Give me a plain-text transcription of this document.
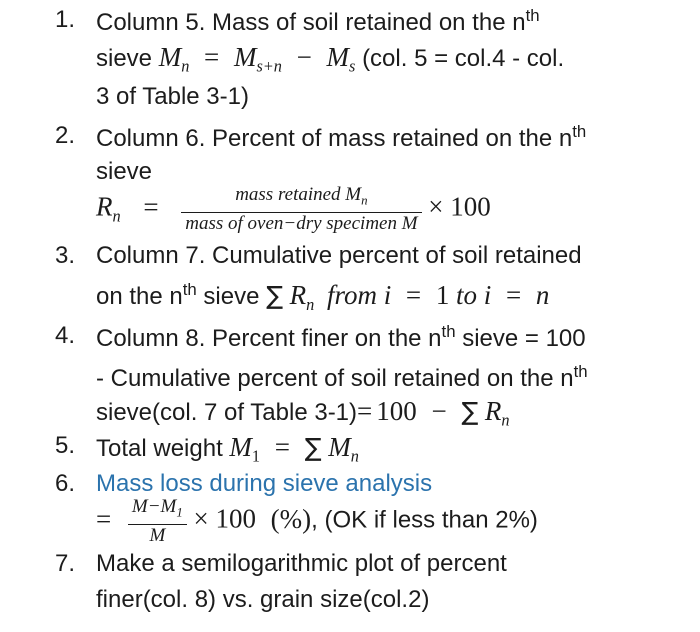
1. Column 5. Mass of soil retained on the $n^{th}$
sieve $M_n = M_{s+n} - M_s$ (col. 5 = col.4 - col.
3 of Table 3-1)
2. Column 6. Percent of mass retained on the $n^{th}$
sieve
$R_n = \frac{mass retained M_n}{\text{mass of oven−dry specimen M}} \times 100$
3. Column 7. Cumulative percent of soil retained
on the $n^{th}$ sieve ∑ $R_n$ from i = 1 to i = n
4. Column 8. Percent finer on the $n^{th}$ sieve = 100
- Cumulative percent of soil retained on the $n^{th}$
sieve(col. 7 of Table 3-1)= 100 − ∑ $R_n$
5. Total weight $M_1$ = ∑ $M_n$
6. Mass loss during sieve analysis
= $\frac{M-M_1}{M} \times 100$ (%), (OK if less than 2%)
7. Make a semilogarithmic plot of percent
finer(col. 8) vs. grain size(col.2)
